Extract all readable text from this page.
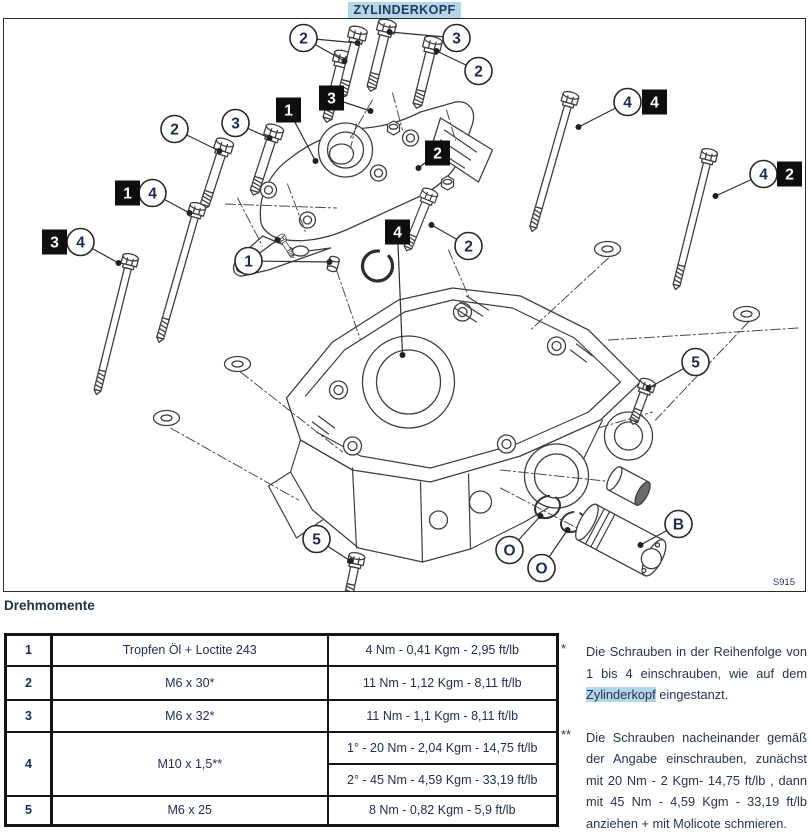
ZYLINDERKOPF
2	3
2
2	3
4
4
1
4
4
2
5
5
B
O
O
1
3
2
4
4
2
1
3
S915
Drehmomente
1	Tropfen Öl + Loctite 243	4 Nm - 0,41 Kgm - 2,95 ft/lb
2	M6 x 30*	11 Nm - 1,12 Kgm - 8,11 ft/lb
3	M6 x 32*	11 Nm - 1,1 Kgm - 8,11 ft/lb
4	M10 x 1,5**	1° - 20 Nm - 2,04 Kgm - 14,75 ft/lb
		2° - 45 Nm - 4,59 Kgm - 33,19 ft/lb
5	M6 x 25	8 Nm - 0,82 Kgm - 5,9 ft/lb
*	Die Schrauben in der Reihenfolge von 1 bis 4 einschrauben, wie auf dem Zylinderkopf eingestanzt.
**	Die Schrauben nacheinander gemäß der Angabe einschrauben, zunächst mit 20 Nm - 2 Kgm- 14,75 ft/lb , dann mit 45 Nm - 4,59 Kgm - 33,19 ft/lb anziehen + mit Molicote schmieren.
